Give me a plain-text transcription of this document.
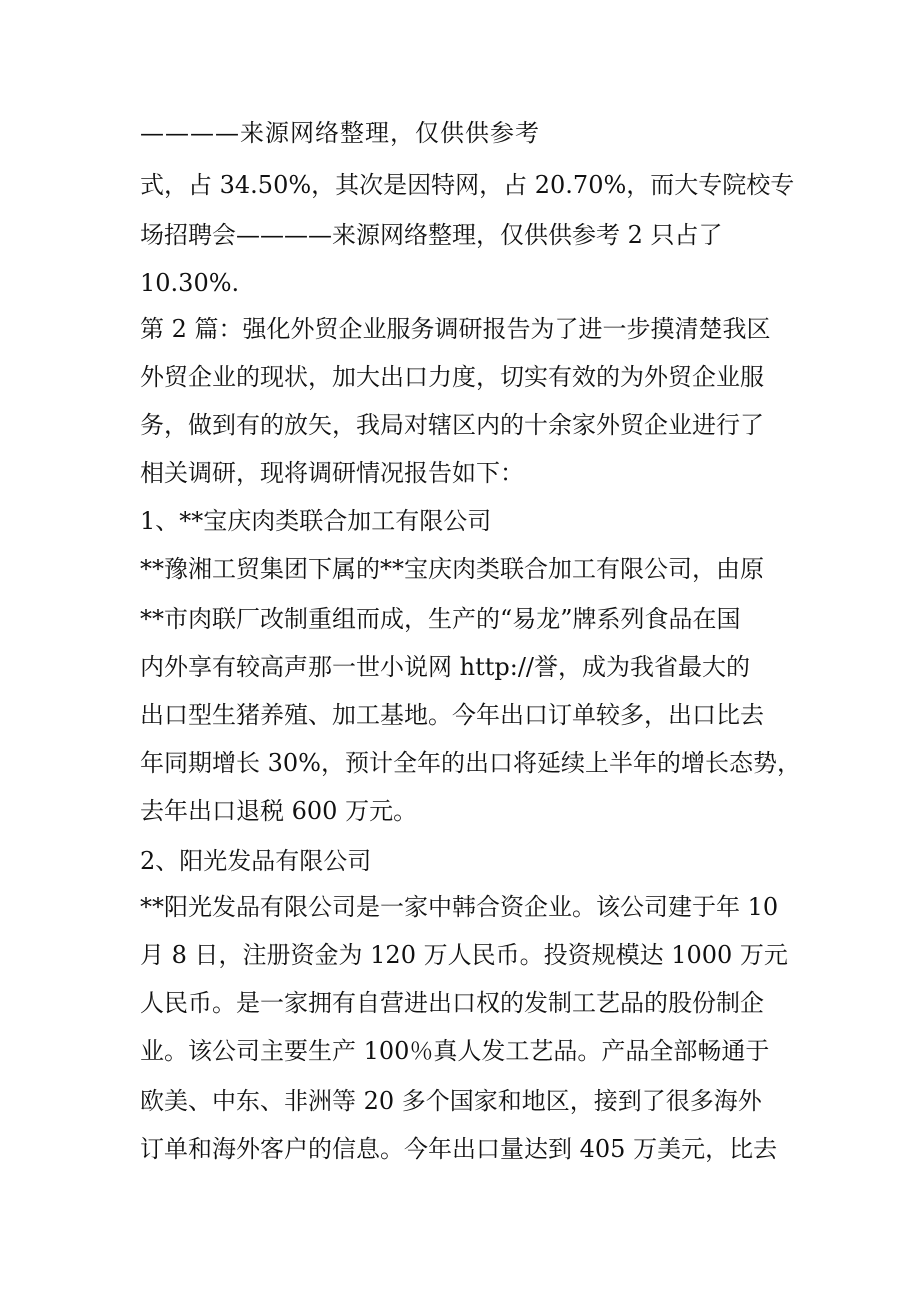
————来源网络整理，仅供供参考
式，占 34.50%，其次是因特网，占 20.70%，而大专院校专
场招聘会————来源网络整理，仅供供参考 2 只占了
10.30%.
第 2 篇：强化外贸企业服务调研报告为了进一步摸清楚我区
外贸企业的现状，加大出口力度，切实有效的为外贸企业服
务，做到有的放矢，我局对辖区内的十余家外贸企业进行了
相关调研，现将调研情况报告如下：
1、**宝庆肉类联合加工有限公司
**豫湘工贸集团下属的**宝庆肉类联合加工有限公司，由原
**市肉联厂改制重组而成，生产的“易龙”牌系列食品在国
内外享有较高声那一世小说网 http://誉，成为我省最大的
出口型生猪养殖、加工基地。今年出口订单较多，出口比去
年同期增长 30%，预计全年的出口将延续上半年的增长态势，
去年出口退税 600 万元。
2、阳光发品有限公司
**阳光发品有限公司是一家中韩合资企业。该公司建于年 10
月 8 日，注册资金为 120 万人民币。投资规模达 1000 万元
人民币。是一家拥有自营进出口权的发制工艺品的股份制企
业。该公司主要生产 100％真人发工艺品。产品全部畅通于
欧美、中东、非洲等 20 多个国家和地区，接到了很多海外
订单和海外客户的信息。今年出口量达到 405 万美元，比去
